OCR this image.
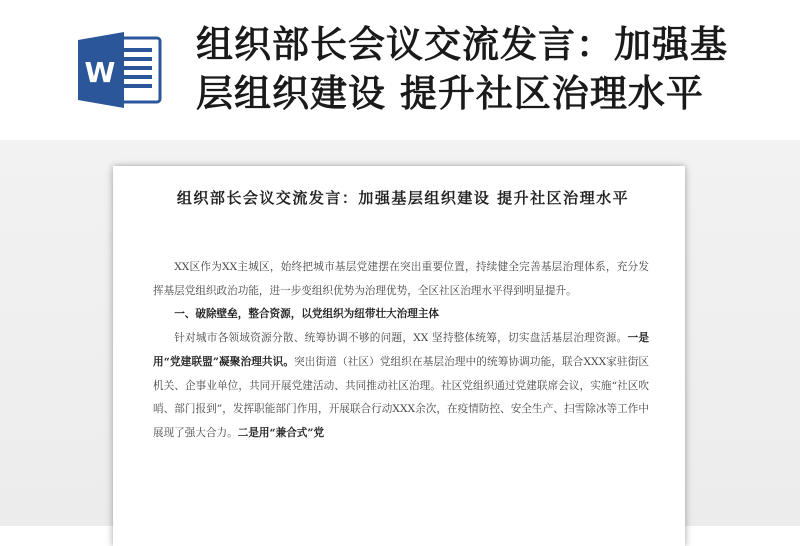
W
组织部长会议交流发言：加强基
层组织建设 提升社区治理水平
组织部长会议交流发言：加强基层组织建设 提升社区治理水平

XX区作为XX主城区，始终把城市基层党建摆在突出重要位置，持续健全完善基层治理体系，充分发挥基层党组织政治功能，进一步变组织优势为治理优势，全区社区治理水平得到明显提升。

一、破除壁垒，整合资源，以党组织为纽带壮大治理主体

针对城市各领域资源分散、统筹协调不够的问题，XX 坚持整体统筹，切实盘活基层治理资源。一是用“党建联盟”凝聚治理共识。突出街道（社区）党组织在基层治理中的统筹协调功能，联合XXX家驻街区机关、企事业单位，共同开展党建活动、共同推动社区治理。社区党组织通过党建联席会议，实施“社区吹哨、部门报到”，发挥职能部门作用，开展联合行动XXX余次，在疫情防控、安全生产、扫雪除冰等工作中展现了强大合力。二是用“兼合式”党
